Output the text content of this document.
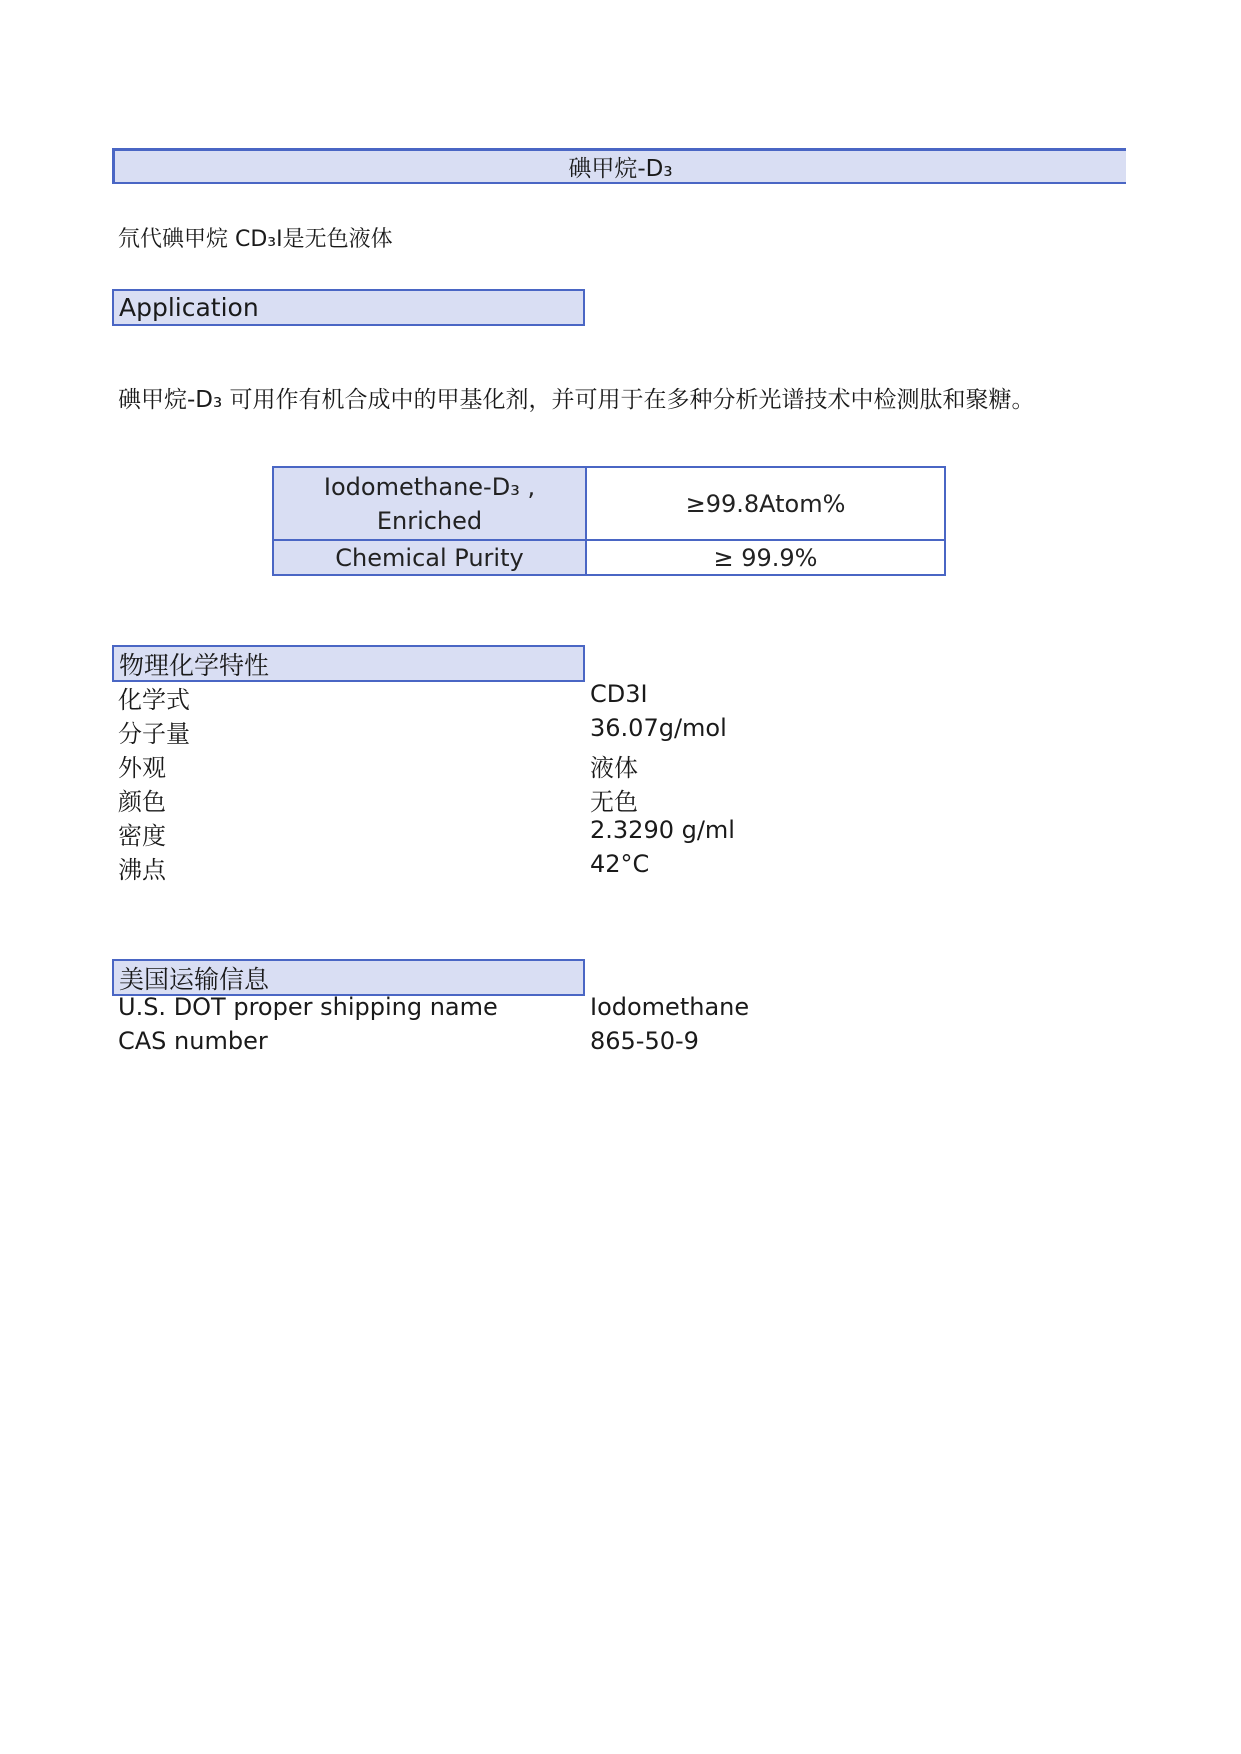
碘甲烷-D₃
氘代碘甲烷 CD₃I是无色液体
Application
碘甲烷-D₃ 可用作有机合成中的甲基化剂，并可用于在多种分析光谱技术中检测肽和聚糖。
Iodomethane-D₃ ,
Enriched	≥99.8Atom%
Chemical Purity	≥ 99.9%
物理化学特性
化学式	CD3I
分子量	36.07g/mol
外观	液体
颜色	无色
密度	2.3290 g/ml
沸点	42°C
美国运输信息
U.S. DOT proper shipping name	Iodomethane
CAS number	865-50-9
